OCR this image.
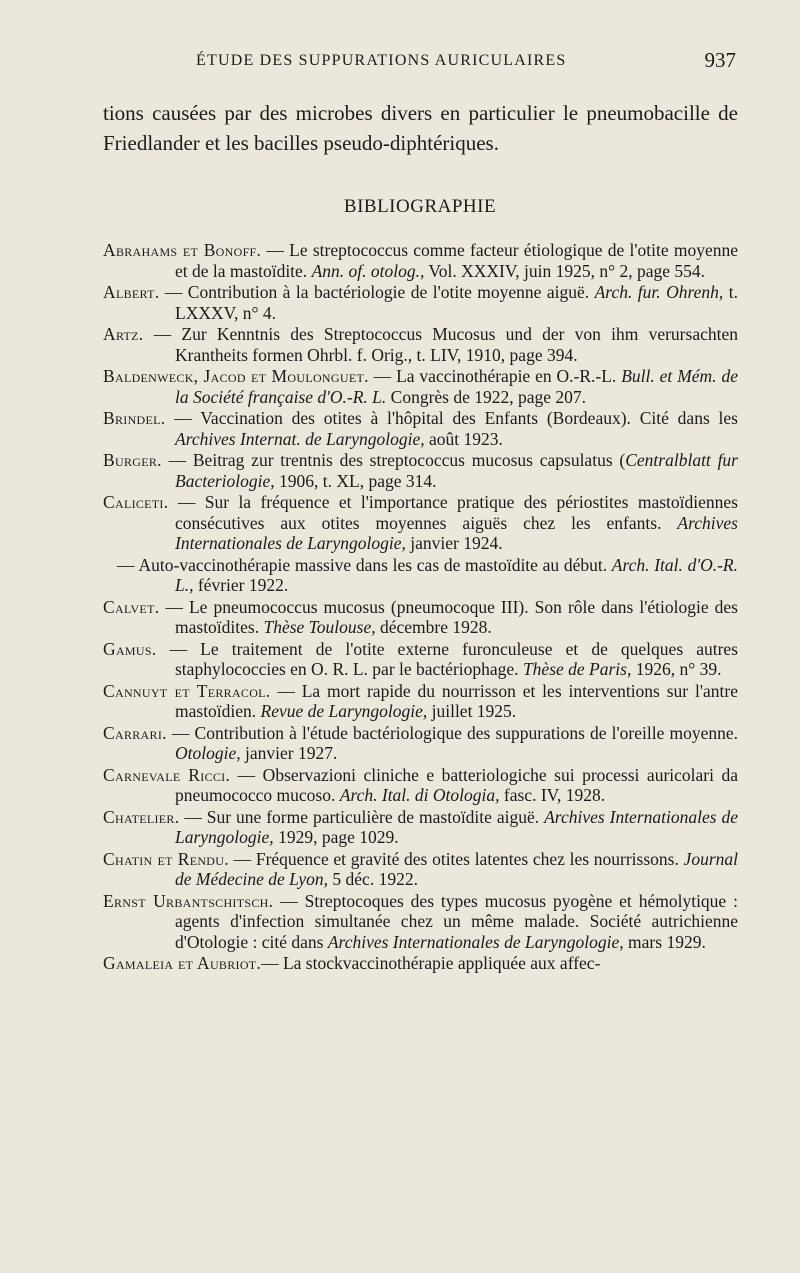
ÉTUDE DES SUPPURATIONS AURICULAIRES	937
tions causées par des microbes divers en particulier le pneumobacille de Friedlander et les bacilles pseudo-diphtériques.
BIBLIOGRAPHIE
Abrahams et Bonoff. — Le streptococcus comme facteur étiologique de l'otite moyenne et de la mastoïdite. Ann. of. otolog., Vol. XXXIV, juin 1925, n° 2, page 554.
Albert. — Contribution à la bactériologie de l'otite moyenne aiguë. Arch. fur. Ohrenh, t. LXXXV, n° 4.
Artz. — Zur Kenntnis des Streptococcus Mucosus und der von ihm verursachten Krantheits formen Ohrbl. f. Orig., t. LIV, 1910, page 394.
Baldenweck, Jacod et Moulonguet. — La vaccinothérapie en O.-R.-L. Bull. et Mém. de la Société française d'O.-R. L. Congrès de 1922, page 207.
Brindel. — Vaccination des otites à l'hôpital des Enfants (Bordeaux). Cité dans les Archives Internat. de Laryngologie, août 1923.
Burger. — Beitrag zur trentnis des streptococcus mucosus capsulatus (Centralblatt fur Bacteriologie, 1906, t. XL, page 314.
Caliceti. — Sur la fréquence et l'importance pratique des périostites mastoïdiennes consécutives aux otites moyennes aiguës chez les enfants. Archives Internationales de Laryngologie, janvier 1924.
— Auto-vaccinothérapie massive dans les cas de mastoïdite au début. Arch. Ital. d'O.-R. L., février 1922.
Calvet. — Le pneumococcus mucosus (pneumocoque III). Son rôle dans l'étiologie des mastoïdites. Thèse Toulouse, décembre 1928.
Gamus. — Le traitement de l'otite externe furonculeuse et de quelques autres staphylococcies en O. R. L. par le bactériophage. Thèse de Paris, 1926, n° 39.
Cannuyt et Terracol. — La mort rapide du nourrisson et les interventions sur l'antre mastoïdien. Revue de Laryngologie, juillet 1925.
Carrari. — Contribution à l'étude bactériologique des suppurations de l'oreille moyenne. Otologie, janvier 1927.
Carnevale Ricci. — Observazioni cliniche e batteriologiche sui processi auricolari da pneumococco mucoso. Arch. Ital. di Otologia, fasc. IV, 1928.
Chatelier. — Sur une forme particulière de mastoïdite aiguë. Archives Internationales de Laryngologie, 1929, page 1029.
Chatin et Rendu. — Fréquence et gravité des otites latentes chez les nourrissons. Journal de Médecine de Lyon, 5 déc. 1922.
Ernst Urbantschitsch. — Streptocoques des types mucosus pyogène et hémolytique : agents d'infection simultanée chez un même malade. Société autrichienne d'Otologie : cité dans Archives Internationales de Laryngologie, mars 1929.
Gamaleia et Aubriot.— La stockvaccinothérapie appliquée aux affec-
